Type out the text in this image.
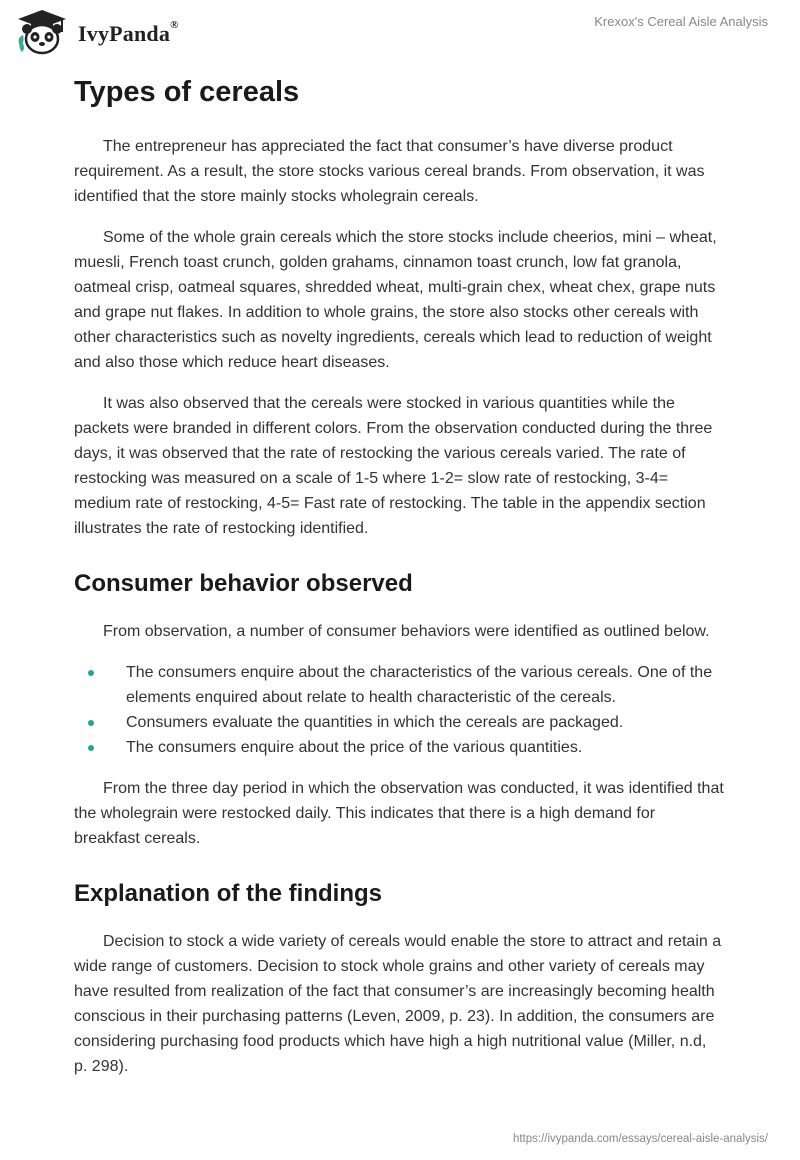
IvyPanda®	Krexox's Cereal Aisle Analysis
Types of cereals

The entrepreneur has appreciated the fact that consumer’s have diverse product requirement. As a result, the store stocks various cereal brands. From observation, it was identified that the store mainly stocks wholegrain cereals.

Some of the whole grain cereals which the store stocks include cheerios, mini – wheat, muesli, French toast crunch, golden grahams, cinnamon toast crunch, low fat granola, oatmeal crisp, oatmeal squares, shredded wheat, multi-grain chex, wheat chex, grape nuts and grape nut flakes. In addition to whole grains, the store also stocks other cereals with other characteristics such as novelty ingredients, cereals which lead to reduction of weight and also those which reduce heart diseases.

It was also observed that the cereals were stocked in various quantities while the packets were branded in different colors. From the observation conducted during the three days, it was observed that the rate of restocking the various cereals varied. The rate of restocking was measured on a scale of 1-5 where 1-2= slow rate of restocking, 3-4= medium rate of restocking, 4-5= Fast rate of restocking. The table in the appendix section illustrates the rate of restocking identified.

Consumer behavior observed

From observation, a number of consumer behaviors were identified as outlined below.

The consumers enquire about the characteristics of the various cereals. One of the elements enquired about relate to health characteristic of the cereals.
Consumers evaluate the quantities in which the cereals are packaged.
The consumers enquire about the price of the various quantities.

From the three day period in which the observation was conducted, it was identified that the wholegrain were restocked daily. This indicates that there is a high demand for breakfast cereals.

Explanation of the findings

Decision to stock a wide variety of cereals would enable the store to attract and retain a wide range of customers. Decision to stock whole grains and other variety of cereals may have resulted from realization of the fact that consumer’s are increasingly becoming health conscious in their purchasing patterns (Leven, 2009, p. 23). In addition, the consumers are considering purchasing food products which have high a high nutritional value (Miller, n.d, p. 298).

https://ivypanda.com/essays/cereal-aisle-analysis/
